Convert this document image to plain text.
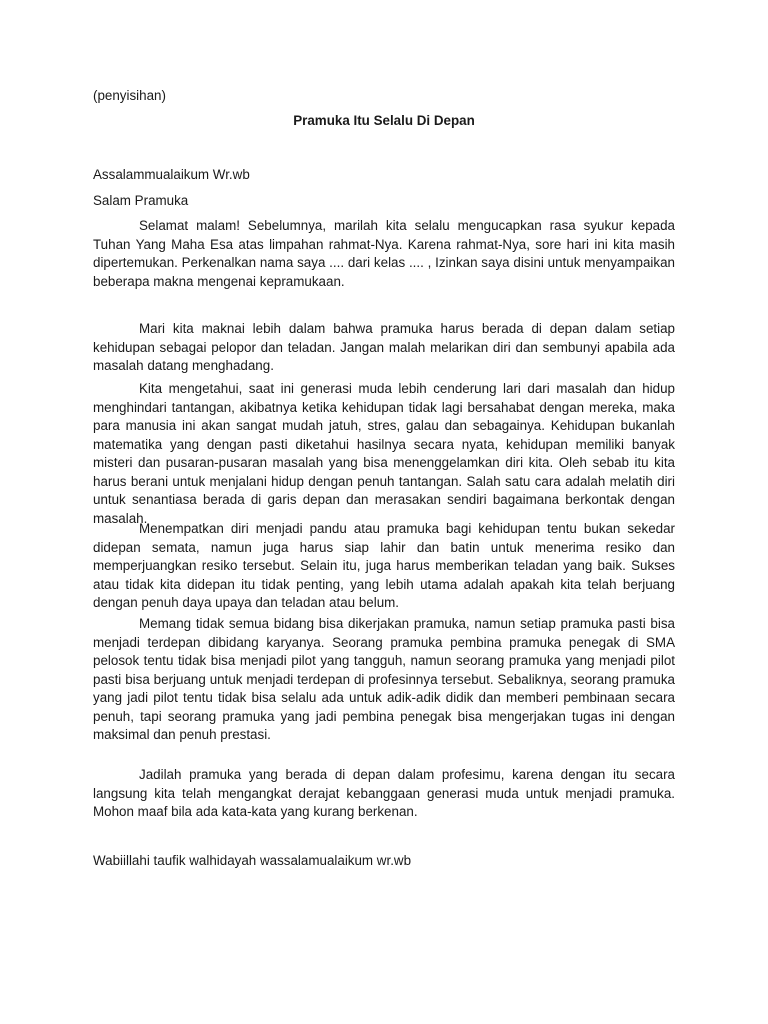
(penyisihan)

Pramuka Itu Selalu Di Depan

Assalammualaikum Wr.wb

Salam Pramuka

Selamat malam! Sebelumnya, marilah kita selalu mengucapkan rasa syukur kepada Tuhan Yang Maha Esa atas limpahan rahmat-Nya. Karena rahmat-Nya, sore hari ini kita masih dipertemukan. Perkenalkan nama saya .... dari kelas .... , Izinkan saya disini untuk menyampaikan beberapa makna mengenai kepramukaan.

Mari kita maknai lebih dalam bahwa pramuka harus berada di depan dalam setiap kehidupan sebagai pelopor dan teladan. Jangan malah melarikan diri dan sembunyi apabila ada masalah datang menghadang.

Kita mengetahui, saat ini generasi muda lebih cenderung lari dari masalah dan hidup menghindari tantangan, akibatnya ketika kehidupan tidak lagi bersahabat dengan mereka, maka para manusia ini akan sangat mudah jatuh, stres, galau dan sebagainya. Kehidupan bukanlah matematika yang dengan pasti diketahui hasilnya secara nyata, kehidupan memiliki banyak misteri dan pusaran-pusaran masalah yang bisa menenggelamkan diri kita. Oleh sebab itu kita harus berani untuk menjalani hidup dengan penuh tantangan. Salah satu cara adalah melatih diri untuk senantiasa berada di garis depan dan merasakan sendiri bagaimana berkontak dengan masalah.

Menempatkan diri menjadi pandu atau pramuka bagi kehidupan tentu bukan sekedar didepan semata, namun juga harus siap lahir dan batin untuk menerima resiko dan memperjuangkan resiko tersebut. Selain itu, juga harus memberikan teladan yang baik. Sukses atau tidak kita didepan itu tidak penting, yang lebih utama adalah apakah kita telah berjuang dengan penuh daya upaya dan teladan atau belum.

Memang tidak semua bidang bisa dikerjakan pramuka, namun setiap pramuka pasti bisa menjadi terdepan dibidang karyanya. Seorang pramuka pembina pramuka penegak di SMA pelosok tentu tidak bisa menjadi pilot yang tangguh, namun seorang pramuka yang menjadi pilot pasti bisa berjuang untuk menjadi terdepan di profesinnya tersebut. Sebaliknya, seorang pramuka yang jadi pilot tentu tidak bisa selalu ada untuk adik-adik didik dan memberi pembinaan secara penuh, tapi seorang pramuka yang jadi pembina penegak bisa mengerjakan tugas ini dengan maksimal dan penuh prestasi.

Jadilah pramuka yang berada di depan dalam profesimu, karena dengan itu secara langsung kita telah mengangkat derajat kebanggaan generasi muda untuk menjadi pramuka. Mohon maaf bila ada kata-kata yang kurang berkenan.

Wabiillahi taufik walhidayah wassalamualaikum wr.wb
